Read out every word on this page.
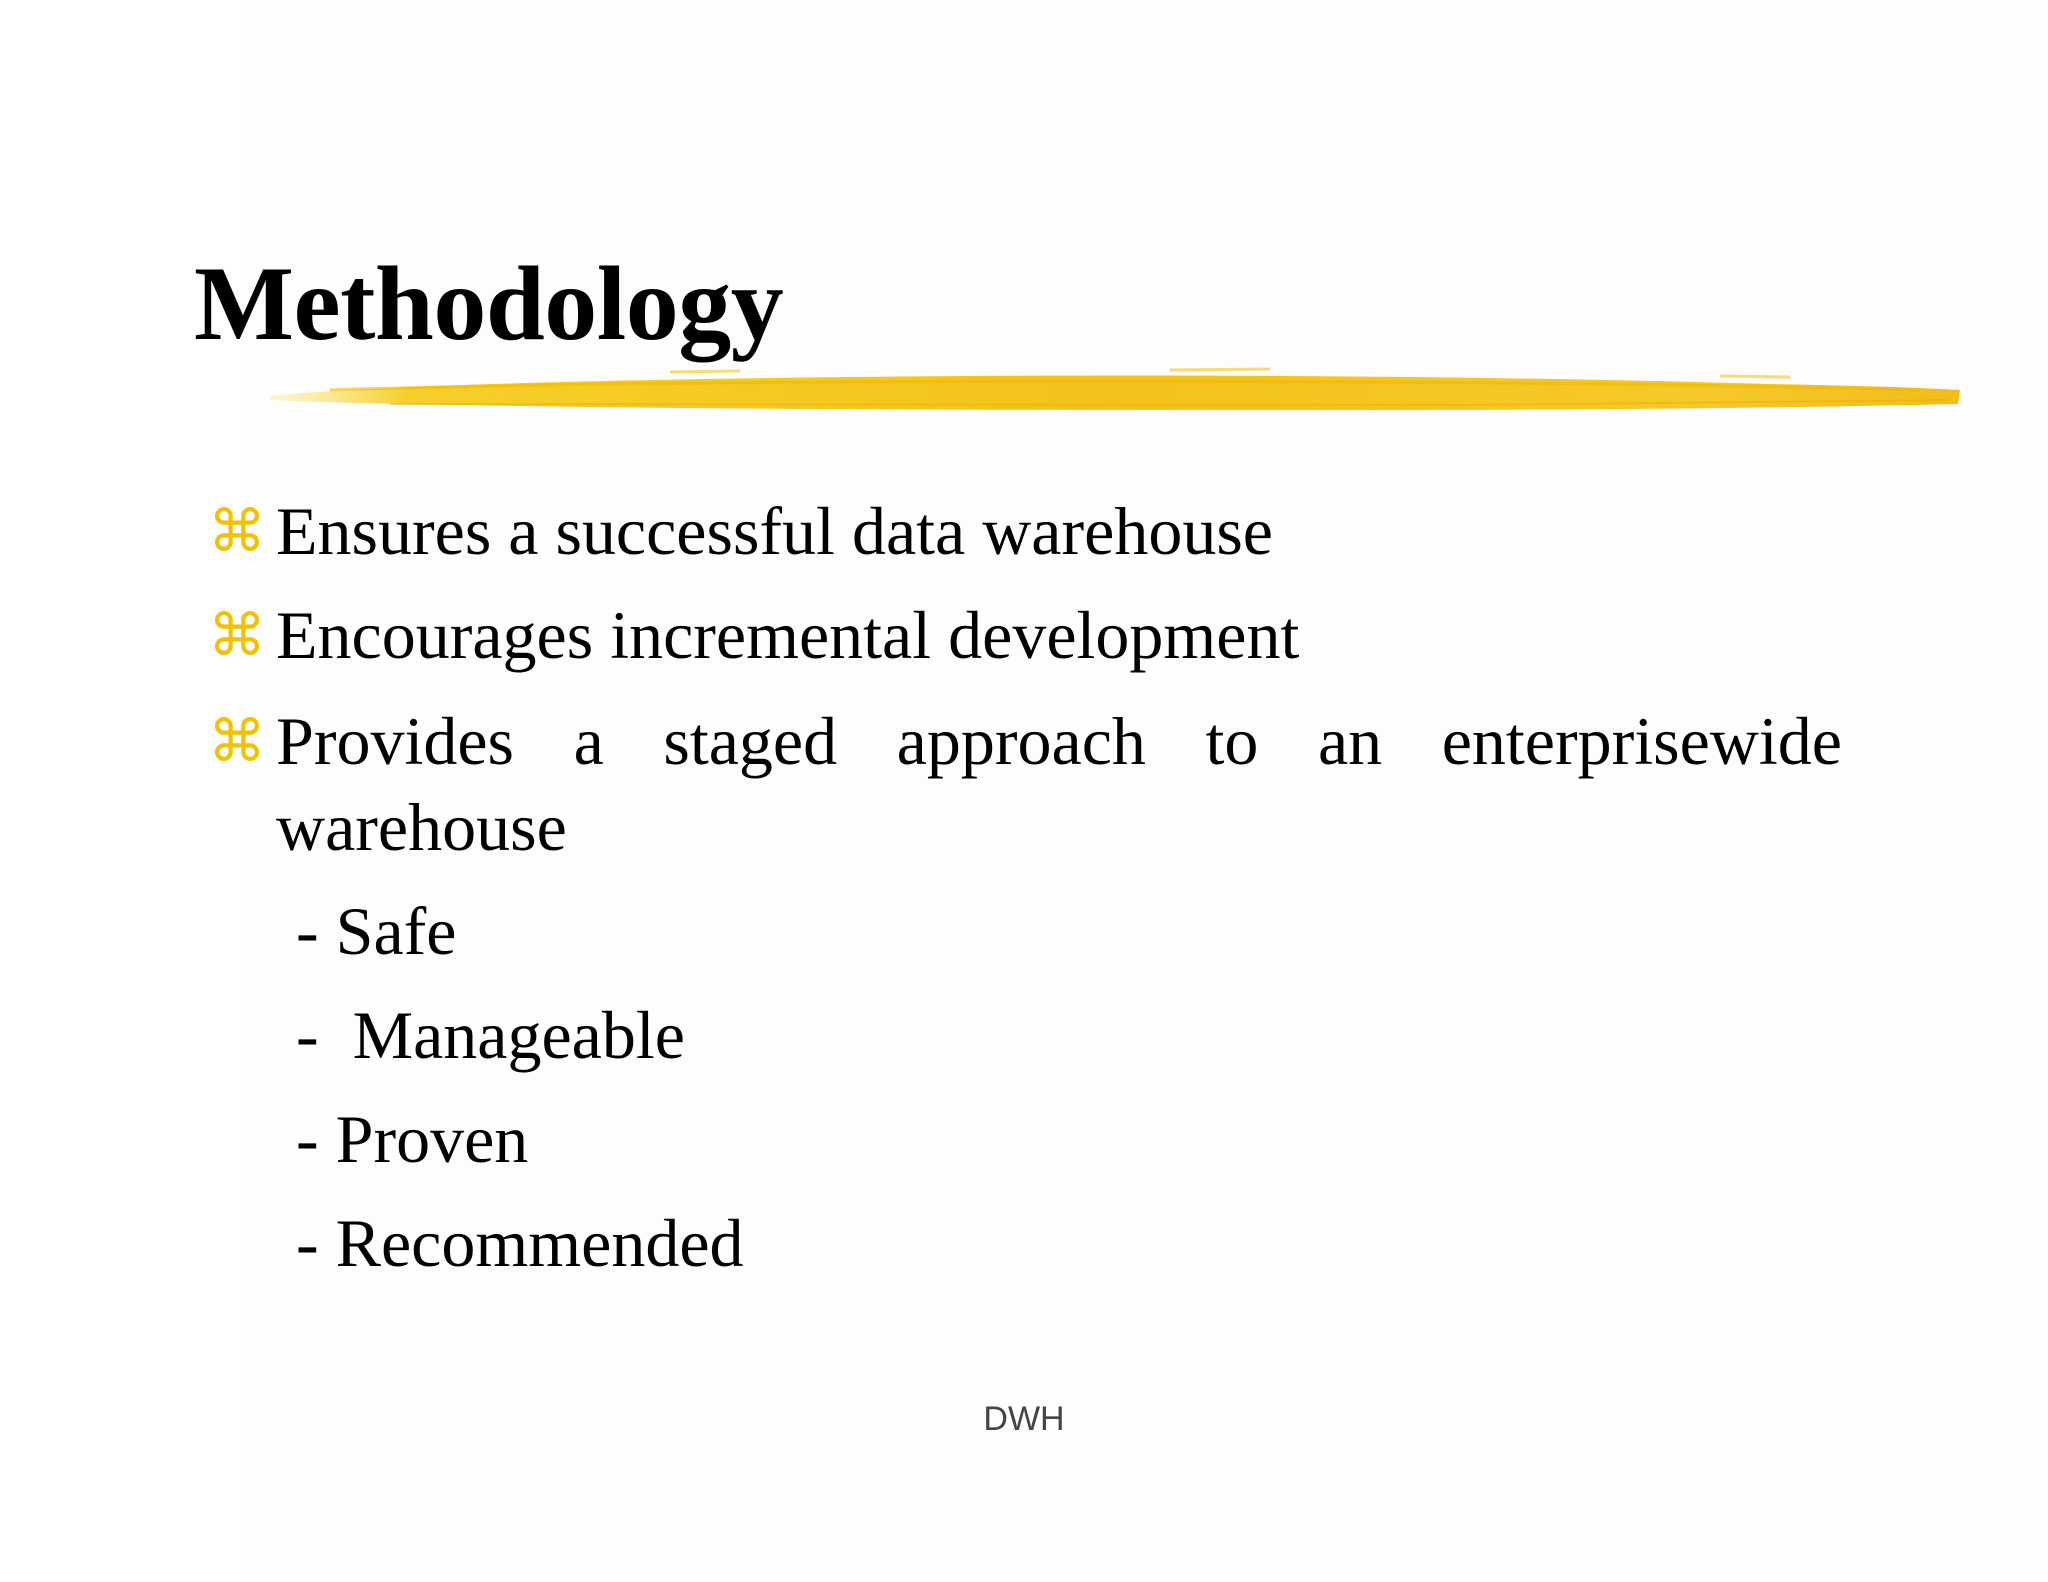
Methodology
⌘ Ensures a successful data warehouse
⌘ Encourages incremental development
⌘ Provides a staged approach to an enterprisewide warehouse
- Safe
-  Manageable
- Proven
- Recommended
DWH
